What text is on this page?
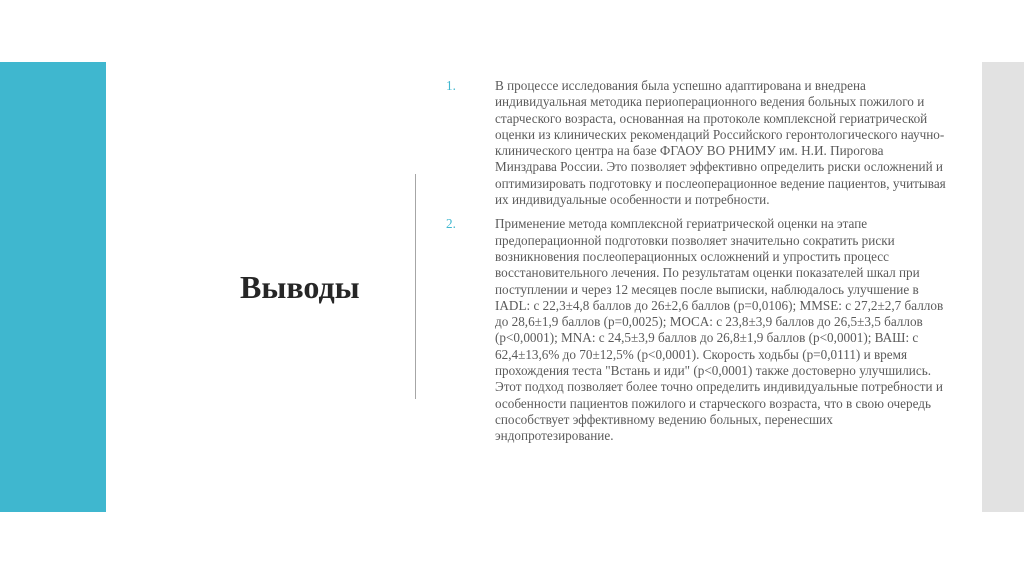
Выводы
1.	В процессе исследования была успешно адаптирована и внедрена индивидуальная методика периоперационного ведения больных пожилого и старческого возраста, основанная на протоколе комплексной гериатрической оценки из клинических рекомендаций Российского геронтологического научно-клинического центра на базе ФГАОУ ВО РНИМУ им. Н.И. Пирогова Минздрава России. Это позволяет эффективно определить риски осложнений и оптимизировать подготовку и послеоперационное ведение пациентов, учитывая их индивидуальные особенности и потребности.
2.	Применение метода комплексной гериатрической оценки на этапе предоперационной подготовки позволяет значительно сократить риски возникновения послеоперационных осложнений и упростить процесс восстановительного лечения. По результатам оценки показателей шкал при поступлении и через 12 месяцев после выписки, наблюдалось улучшение в IADL: с 22,3±4,8 баллов до 26±2,6 баллов (p=0,0106); MMSE: с 27,2±2,7 баллов до 28,6±1,9 баллов (p=0,0025); MOCA: с 23,8±3,9 баллов до 26,5±3,5 баллов (p<0,0001); MNA: с 24,5±3,9 баллов до 26,8±1,9 баллов (p<0,0001); ВАШ: с 62,4±13,6% до 70±12,5% (p<0,0001). Скорость ходьбы (p=0,0111) и время прохождения теста "Встань и иди" (p<0,0001) также достоверно улучшились. Этот подход позволяет более точно определить индивидуальные потребности и особенности пациентов пожилого и старческого возраста, что в свою очередь способствует эффективному ведению больных, перенесших эндопротезирование.
